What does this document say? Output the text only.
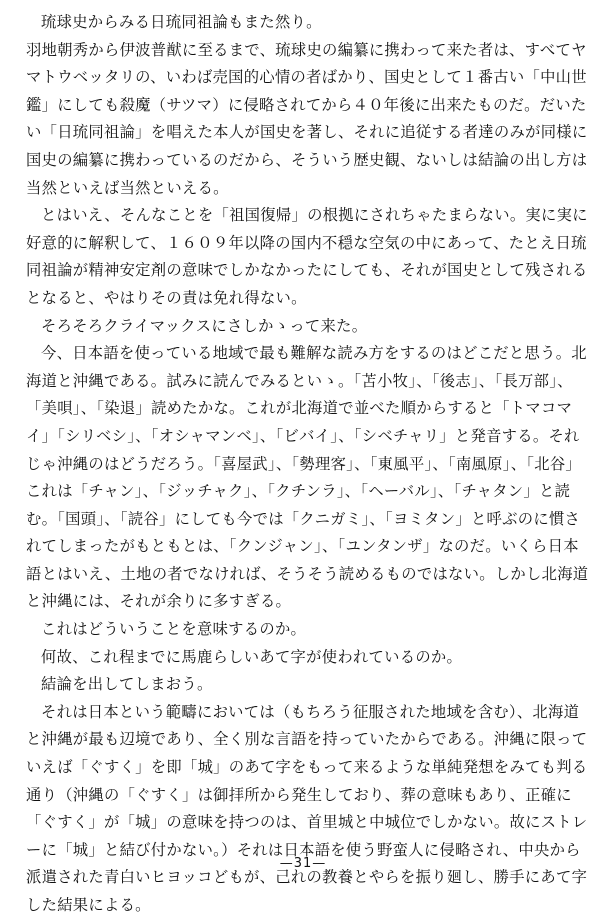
琉球史からみる日琉同祖論もまた然り。

羽地朝秀から伊波普猷に至るまで、琉球史の編纂に携わって来た者は、すべてヤマトウベッタリの、いわば売国的心情の者ばかり、国史として１番古い「中山世鑑」にしても殺魔（サツマ）に侵略されてから４０年後に出来たものだ。だいたい「日琉同祖論」を唱えた本人が国史を著し、それに追従する者達のみが同様に国史の編纂に携わっているのだから、そういう歴史観、ないしは結論の出し方は当然といえば当然といえる。

とはいえ、そんなことを「祖国復帰」の根拠にされちゃたまらない。実に実に好意的に解釈して、１６０９年以降の国内不穏な空気の中にあって、たとえ日琉同祖論が精神安定剤の意味でしかなかったにしても、それが国史として残されるとなると、やはりその責は免れ得ない。

そろそろクライマックスにさしかゝって来た。

今、日本語を使っている地域で最も難解な読み方をするのはどこだと思う。北海道と沖縄である。試みに読んでみるといゝ。「苫小牧」、「後志」、「長万部」、「美唄」、「染退」読めたかな。これが北海道で並べた順からすると「トマコマイ」「シリベシ」、「オシャマンベ」、「ビバイ」、「シベチャリ」と発音する。それじゃ沖縄のはどうだろう。「喜屋武」、「勢理客」、「東風平」、「南風原」、「北谷」これは「チャン」、「ジッチャク」、「クチンラ」、「ヘーバル」、「チャタン」と読む。「国頭」、「読谷」にしても今では「クニガミ」、「ヨミタン」と呼ぶのに慣されてしまったがもともとは、「クンジャン」、「ユンタンザ」なのだ。いくら日本語とはいえ、土地の者でなければ、そうそう読めるものではない。しかし北海道と沖縄には、それが余りに多すぎる。

これはどういうことを意味するのか。

何故、これ程までに馬鹿らしいあて字が使われているのか。

結論を出してしまおう。

それは日本という範疇においては（もちろう征服された地域を含む）、北海道と沖縄が最も辺境であり、全く別な言語を持っていたからである。沖縄に限っていえば「ぐすく」を即「城」のあて字をもって来るような単純発想をみても判る通り（沖縄の「ぐすく」は御拝所から発生しており、葬の意味もあり、正確に「ぐすく」が「城」の意味を持つのは、首里城と中城位でしかない。故にストレーに「城」と結び付かない。）それは日本語を使う野蛮人に侵略され、中央から派遣された青白いヒヨッコどもが、己れの教養とやらを振り廻し、勝手にあて字した結果による。

—31—
